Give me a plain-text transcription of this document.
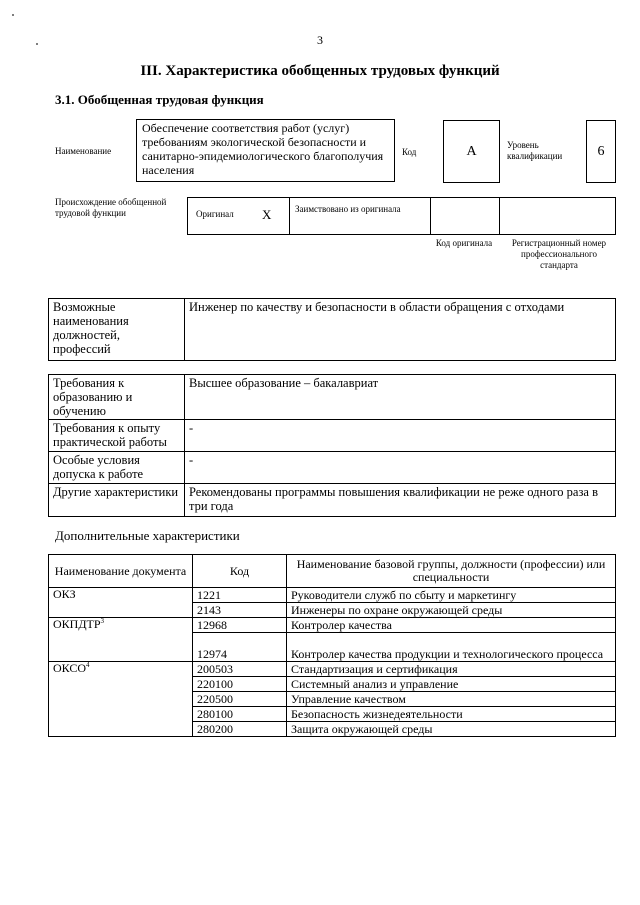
3
III. Характеристика обобщенных трудовых функций
3.1. Обобщенная трудовая функция
Наименование
Обеспечение соответствия работ (услуг) требованиям экологической безопасности и санитарно-эпидемиологического благополучия населения
Код	А	Уровень квалификации	6
Происхождение обобщенной трудовой функции	Оригинал X	Заимствовано из оригинала
Код оригинала	Регистрационный номер профессионального стандарта
Возможные наименования должностей, профессий	Инженер по качеству и безопасности в области обращения с отходами
Требования к образованию и обучению	Высшее образование – бакалавриат
Требования к опыту практической работы	-
Особые условия допуска к работе	-
Другие характеристики	Рекомендованы программы повышения квалификации не реже одного раза в три года
Дополнительные характеристики
Наименование документа	Код	Наименование базовой группы, должности (профессии) или специальности
ОКЗ	1221	Руководители служб по сбыту и маркетингу
	2143	Инженеры по охране окружающей среды
ОКПДТР$^3$	12968	Контролер качества
	12974	Контролер качества продукции и технологического процесса
ОКСО$^4$	200503	Стандартизация и сертификация
	220100	Системный анализ и управление
	220500	Управление качеством
	280100	Безопасность жизнедеятельности
	280200	Защита окружающей среды
